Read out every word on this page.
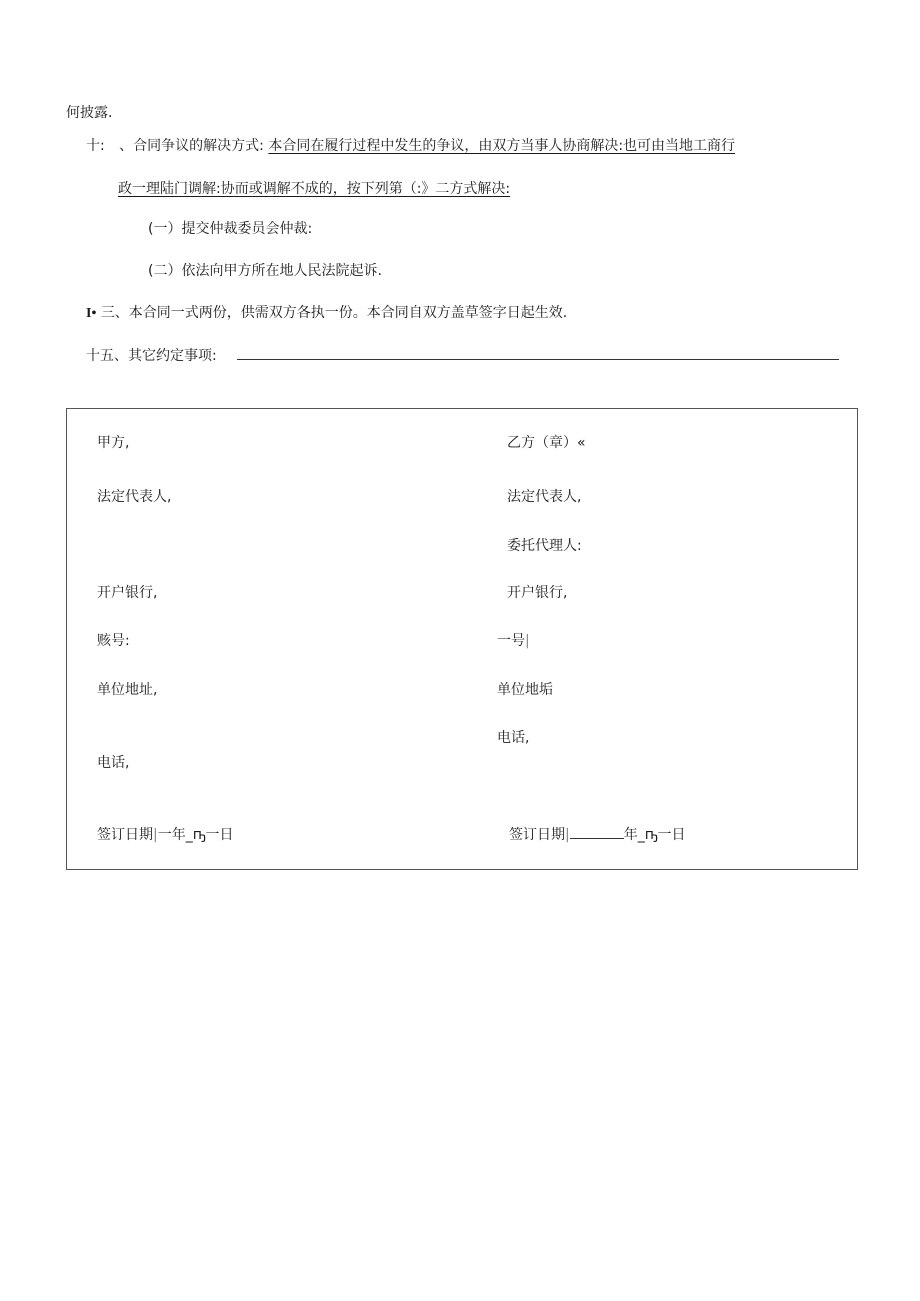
何披露.
十: 、合同争议的解决方式: 本合同在履行过程中发生的争议，由双方当事人协商解决:也可由当地工商行
政一理陆门调解:协而或调解不成的，按下列第（:》二方式解决:
(一）提交仲裁委员会仲裁:
(二）依法向甲方所在地人民法院起诉.
I• 三、本合同一式两份，供需双方各执一份。本合同自双方盖草签字日起生效.
十五、其它约定事项:
甲方,
法定代表人,
开户银行,
赅号:
单位地址,
电话,
签订日期|一年_ҧ一日
乙方（章）«
法定代表人,
委托代理人:
开户银行,
一号|
单位地垢
电话,
签订日期|	年_ҧ一日
